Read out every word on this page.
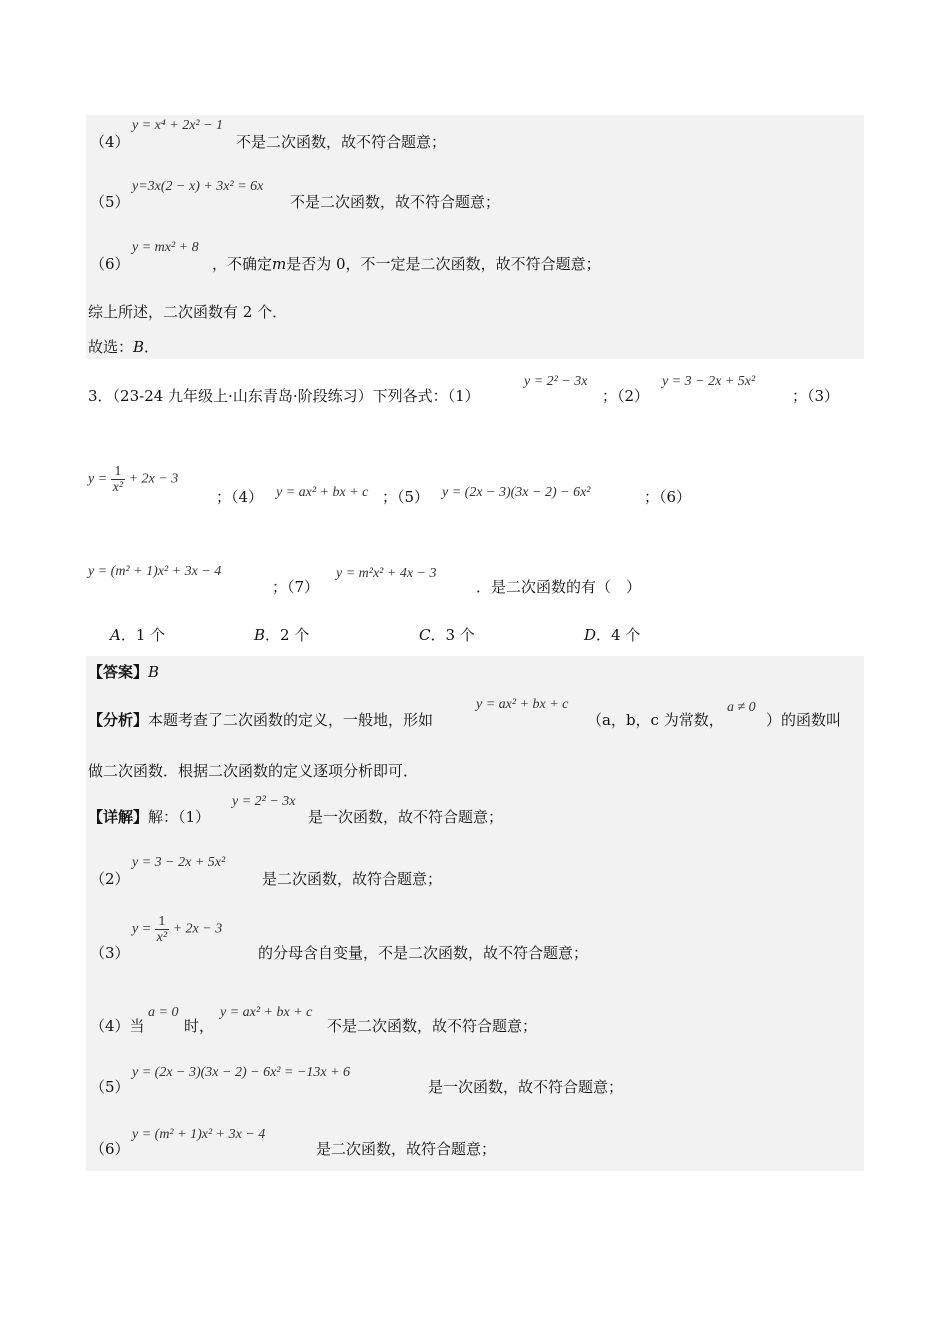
（4）
y = x⁴ + 2x² − 1
不是二次函数，故不符合题意；
（5）
y=3x(2 − x) + 3x² = 6x
不是二次函数，故不符合题意；
（6）
y = mx² + 8
，不确定m是否为 0，不一定是二次函数，故不符合题意；
综上所述，二次函数有 2 个．
故选：B．
3．（23-24 九年级上·山东青岛·阶段练习）下列各式：（1）
y = 2² − 3x
；（2）
y = 3 − 2x + 5x²
；（3）
$y = \frac{1}{\text{x²}} + 2x - 3$
；（4） y = ax² + bx + c ；（5） y = (2x − 3)(3x − 2) − 6x²	；（6）
y = (m² + 1)x² + 3x − 4
；（7）
y = m²x² + 4x − 3
．是二次函数的有（　）
A．1 个	B．2 个	C．3 个	D．4 个
【答案】B
【分析】本题考查了二次函数的定义，一般地，形如
y = ax² + bx + c
（a，b，c 为常数，
a ≠ 0
）的函数叫
做二次函数．根据二次函数的定义逐项分析即可．
【详解】解：（1）
y = 2² − 3x
是一次函数，故不符合题意；
（2）
y = 3 − 2x + 5x²
是二次函数，故符合题意；
（3）
$y = \frac{1}{\text{x²}} + 2x - 3$
的分母含自变量，不是二次函数，故不符合题意；
（4）当
a = 0
时，
y = ax² + bx + c
不是二次函数，故不符合题意；
（5）
y = (2x − 3)(3x − 2) − 6x² = −13x + 6
是一次函数，故不符合题意；
（6）
y = (m² + 1)x² + 3x − 4
是二次函数，故符合题意；
